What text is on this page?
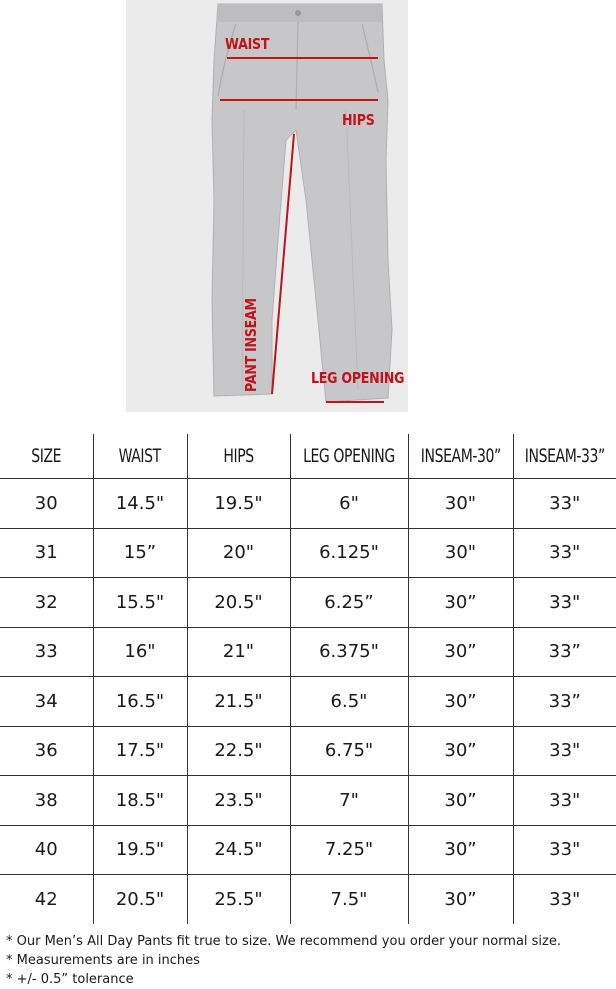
WAIST
HIPS
PANT INSEAM	LEG OPENING
SIZE	WAIST	HIPS	LEG OPENING	INSEAM-30”	INSEAM-33”
30	14.5"	19.5"	6"	30"	33"
31	15”	20"	6.125"	30"	33"
32	15.5"	20.5"	6.25”	30”	33"
33	16"	21"	6.375"	30”	33”
34	16.5"	21.5"	6.5"	30”	33”
36	17.5"	22.5"	6.75"	30”	33"
38	18.5"	23.5"	7"	30”	33"
40	19.5"	24.5"	7.25"	30”	33"
42	20.5"	25.5"	7.5"	30”	33"
* Our Men’s All Day Pants fit true to size. We recommend you order your normal size.
* Measurements are in inches
* +/- 0.5” tolerance
